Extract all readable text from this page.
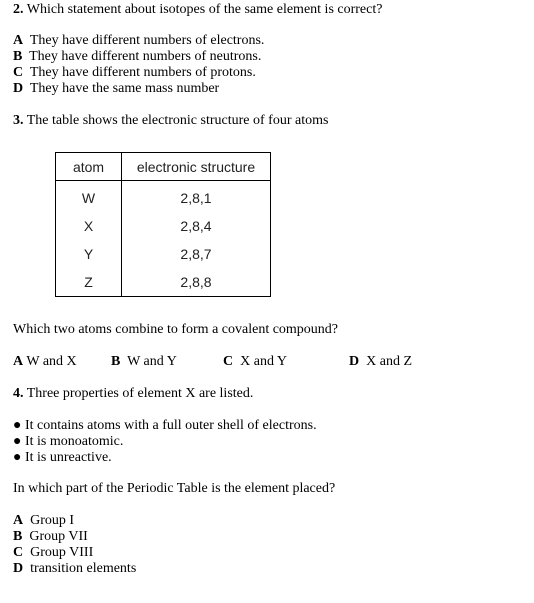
2. Which statement about isotopes of the same element is correct?
A They have different numbers of electrons.
B They have different numbers of neutrons.
C They have different numbers of protons.
D They have the same mass number
3. The table shows the electronic structure of four atoms
atom	electronic structure
W	2,8,1
X	2,8,4
Y	2,8,7
Z	2,8,8
Which two atoms combine to form a covalent compound?
A W and X B W and Y	C X and Y	D X and Z
4. Three properties of element X are listed.
● It contains atoms with a full outer shell of electrons.
● It is monoatomic.
● It is unreactive.
In which part of the Periodic Table is the element placed?
A Group I
B Group VII
C Group VIII
D transition elements
